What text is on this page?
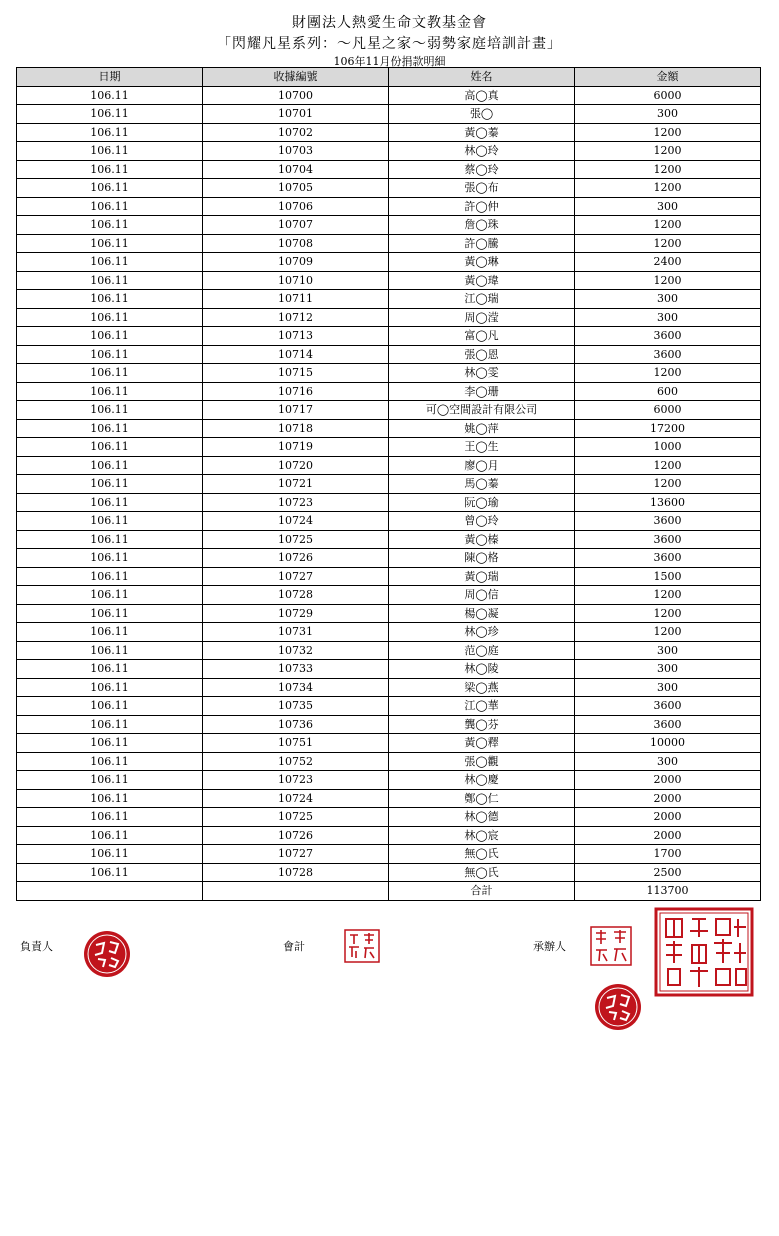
財團法人熱愛生命文教基金會
「閃耀凡星系列：～凡星之家～弱勢家庭培訓計畫」
106年11月份捐款明細
日期	收據編號	姓名	金額
106.11	10700	高◯真	6000
106.11	10701	張◯	300
106.11	10702	黃◯蓁	1200
106.11	10703	林◯玲	1200
106.11	10704	蔡◯玲	1200
106.11	10705	張◯布	1200
106.11	10706	許◯仲	300
106.11	10707	詹◯珠	1200
106.11	10708	許◯騰	1200
106.11	10709	黃◯琳	2400
106.11	10710	黃◯瑋	1200
106.11	10711	江◯瑞	300
106.11	10712	周◯滢	300
106.11	10713	富◯凡	3600
106.11	10714	張◯恩	3600
106.11	10715	林◯雯	1200
106.11	10716	李◯珊	600
106.11	10717	可◯空間設計有限公司	6000
106.11	10718	姚◯萍	17200
106.11	10719	王◯生	1000
106.11	10720	廖◯月	1200
106.11	10721	馬◯蓁	1200
106.11	10723	阮◯瑜	13600
106.11	10724	曾◯玲	3600
106.11	10725	黃◯榛	3600
106.11	10726	陳◯格	3600
106.11	10727	黃◯瑞	1500
106.11	10728	周◯信	1200
106.11	10729	楊◯凝	1200
106.11	10731	林◯珍	1200
106.11	10732	范◯庭	300
106.11	10733	林◯陵	300
106.11	10734	梁◯燕	300
106.11	10735	江◯華	3600
106.11	10736	龔◯芬	3600
106.11	10751	黃◯釋	10000
106.11	10752	張◯觀	300
106.11	10723	林◯慶	2000
106.11	10724	鄭◯仁	2000
106.11	10725	林◯德	2000
106.11	10726	林◯宸	2000
106.11	10727	無◯氏	1700
106.11	10728	無◯氏	2500
		合計	113700
負責人	會計	承辦人
